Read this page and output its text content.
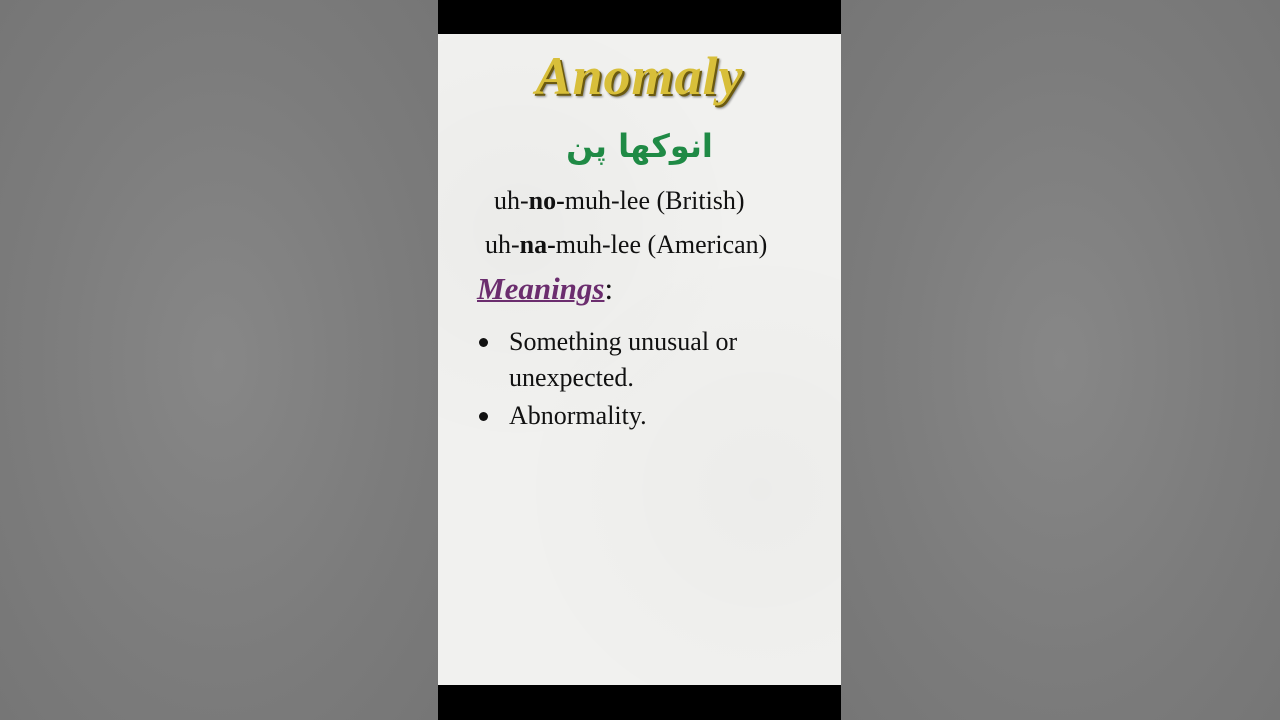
Anomaly
انوکھا پن
uh-no-muh-lee (British)
uh-na-muh-lee (American)
Meanings:
Something unusual or unexpected.
Abnormality.
